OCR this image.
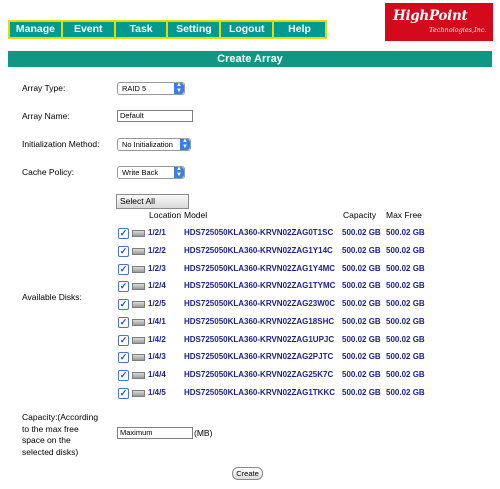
Manage	Event	Task	Setting	Logout	Help
HighPoint
Technologies,Inc.
Create Array
Array Type:	RAID 5	▲
▼
Array Name:	Default
Initialization Method:	No Initialization	▲
▼
Cache Policy:	Write Back	▲
▼
Select All
Location Model	Capacity Max Free
Available Disks:
✓	1/2/1 HDS725050KLA360-KRVN02ZAG0T1SC 500.02 GB 500.02 GB
✓	1/2/2 HDS725050KLA360-KRVN02ZAG1Y14C 500.02 GB 500.02 GB
✓	1/2/3 HDS725050KLA360-KRVN02ZAG1Y4MC 500.02 GB 500.02 GB
✓	1/2/4 HDS725050KLA360-KRVN02ZAG1TYMC 500.02 GB 500.02 GB
✓	1/2/5 HDS725050KLA360-KRVN02ZAG23W0C 500.02 GB 500.02 GB
✓	1/4/1 HDS725050KLA360-KRVN02ZAG18SHC 500.02 GB 500.02 GB
✓	1/4/2 HDS725050KLA360-KRVN02ZAG1UPJC 500.02 GB 500.02 GB
✓	1/4/3 HDS725050KLA360-KRVN02ZAG2PJTC 500.02 GB 500.02 GB
✓	1/4/4 HDS725050KLA360-KRVN02ZAG25K7C 500.02 GB 500.02 GB
✓	1/4/5 HDS725050KLA360-KRVN02ZAG1TKKC 500.02 GB 500.02 GB
Capacity:(According
to the max free
space on the
selected disks)
Maximum	(MB)
Create
